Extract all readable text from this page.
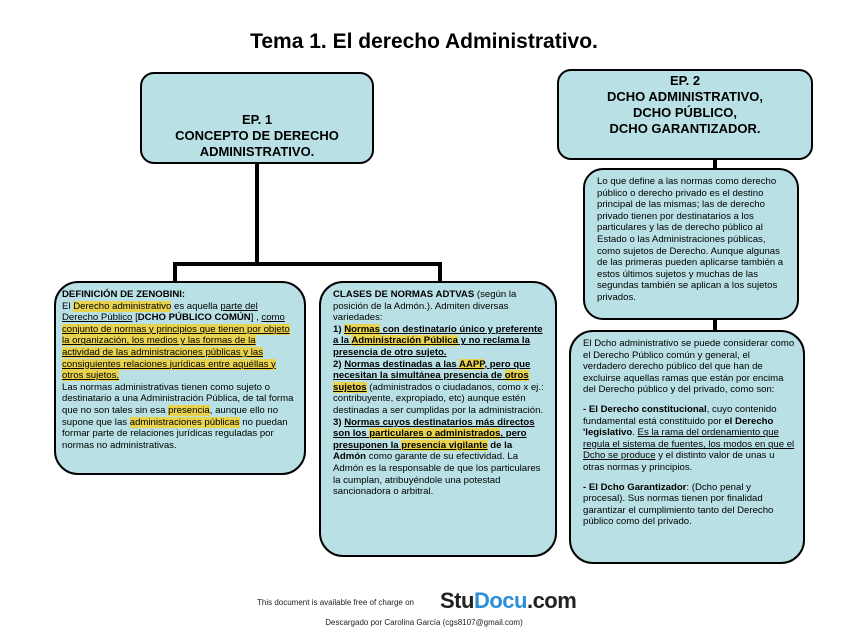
Tema 1. El derecho Administrativo.
EP. 1
CONCEPTO DE DERECHO
ADMINISTRATIVO.
EP. 2
DCHO ADMINISTRATIVO,
DCHO PÚBLICO,
DCHO GARANTIZADOR.
DEFINICIÓN DE ZENOBINI:
El Derecho administrativo es aquella parte del Derecho Público [DCHO PÚBLICO COMÚN] , como conjunto de normas y principios que tienen por objeto la organización, los medios y las formas de la actividad de las administraciones públicas y las consiguientes relaciones jurídicas entre aquéllas y otros sujetos.
Las normas administrativas tienen como sujeto o destinatario a una Administración Pública, de tal forma que no son tales sin esa presencia, aunque ello no supone que las administraciones públicas no puedan formar parte de relaciones jurídicas reguladas por normas no administrativas.
CLASES DE NORMAS ADTVAS (según la posición de la Admón.). Admiten diversas variedades:
1) Normas con destinatario único y preferente a la Administración Pública y no reclama la presencia de otro sujeto.
2) Normas destinadas a las AAPP, pero que necesitan la simultánea presencia de otros sujetos (administrados o ciudadanos, como x ej.: contribuyente, expropiado, etc) aunque estén destinadas a ser cumplidas por la administración.
3) Normas cuyos destinatarios más directos son los particulares o administrados, pero presuponen la presencia vigilante de la Admón como garante de su efectividad. La Admón es la responsable de que los particulares la cumplan, atribuyéndole una potestad sancionadora o arbitral.
Lo que define a las normas como derecho público o derecho privado es el destino principal de las mismas; las de derecho privado tienen por destinatarios a los particulares y las de derecho público al Estado o las Administraciones públicas, como sujetos de Derecho. Aunque algunas de las primeras pueden aplicarse también a estos últimos sujetos y muchas de las segundas también se aplican a los sujetos privados.
El Dcho administrativo se puede considerar como el Derecho Público común y general, el verdadero derecho público del que han de excluirse aquellas ramas que están por encima del Derecho público y del privado, como son:
- El Derecho constitucional, cuyo contenido fundamental está constituido por el Derecho 'legislativo. Es la rama del ordenamiento que regula el sistema de fuentes, los modos en que el Dcho se produce y el distinto valor de unas u otras normas y principios.
- El Dcho Garantizador: (Dcho penal y procesal). Sus normas tienen por finalidad garantizar el cumplimiento tanto del Derecho público como del privado.
This document is available free of charge on StuDocu.com
Descargado por Carolina García (cgs8107@gmail.com)
